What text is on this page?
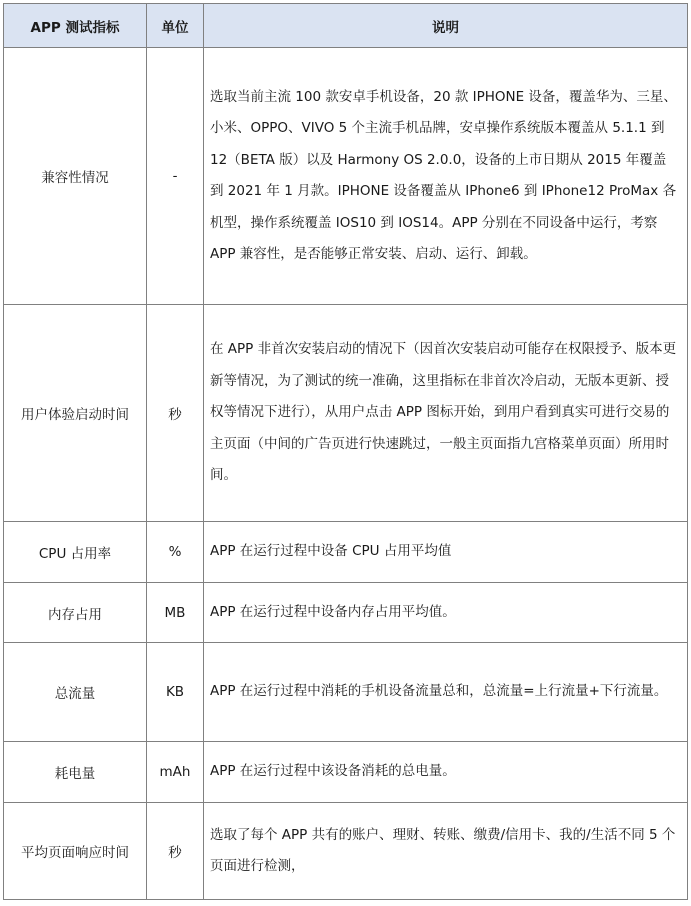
APP 测试指标	单位	说明
兼容性情况	-	选取当前主流 100 款安卓手机设备，20 款 IPHONE 设备，覆盖华为、三星、小米、OPPO、VIVO 5 个主流手机品牌，安卓操作系统版本覆盖从 5.1.1 到 12（BETA 版）以及 Harmony OS 2.0.0，设备的上市日期从 2015 年覆盖到 2021 年 1 月款。IPHONE 设备覆盖从 IPhone6 到 IPhone12 ProMax 各机型，操作系统覆盖 IOS10 到 IOS14。APP 分别在不同设备中运行，考察 APP 兼容性，是否能够正常安装、启动、运行、卸载。
用户体验启动时间	秒	在 APP 非首次安装启动的情况下（因首次安装启动可能存在权限授予、版本更新等情况，为了测试的统一准确，这里指标在非首次冷启动，无版本更新、授权等情况下进行），从用户点击 APP 图标开始，到用户看到真实可进行交易的主页面（中间的广告页进行快速跳过，一般主页面指九宫格菜单页面）所用时间。
CPU 占用率	%	APP 在运行过程中设备 CPU 占用平均值
内存占用	MB	APP 在运行过程中设备内存占用平均值。
总流量	KB	APP 在运行过程中消耗的手机设备流量总和，总流量=上行流量+下行流量。
耗电量	mAh	APP 在运行过程中该设备消耗的总电量。
平均页面响应时间	秒	选取了每个 APP 共有的账户、理财、转账、缴费/信用卡、我的/生活不同 5 个页面进行检测，
